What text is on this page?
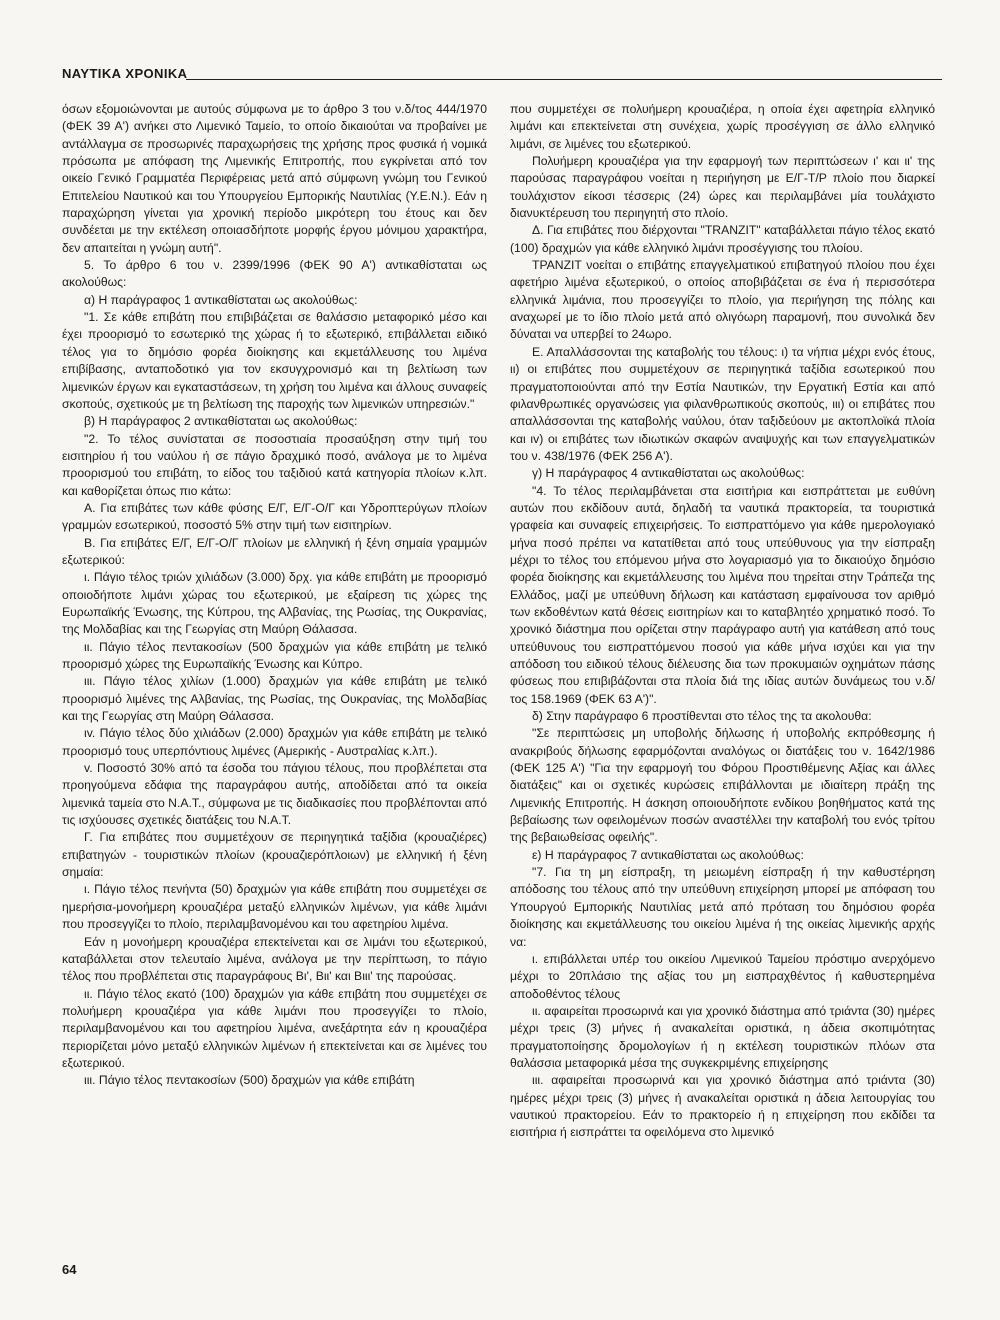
ΝΑΥΤΙΚΑ ΧΡΟΝΙΚΑ

όσων εξομοιώνονται με αυτούς σύμφωνα με το άρθρο 3 του ν.δ/τος 444/1970 (ΦΕΚ 39 Α') ανήκει στο Λιμενικό Ταμείο, το οποίο δικαιούται να προβαίνει με αντάλλαγμα σε προσωρινές παραχωρήσεις της χρήσης προς φυσικά ή νομικά πρόσωπα με απόφαση της Λιμενικής Επιτροπής, που εγκρίνεται από τον οικείο Γενικό Γραμματέα Περιφέρειας μετά από σύμφωνη γνώμη του Γενικού Επιτελείου Ναυτικού και του Υπουργείου Εμπορικής Ναυτιλίας (Υ.Ε.Ν.). Εάν η παραχώρηση γίνεται για χρονική περίοδο μικρότερη του έτους και δεν συνδέεται με την εκτέλεση οποιασδήποτε μορφής έργου μόνιμου χαρακτήρα, δεν απαιτείται η γνώμη αυτή".

5. Το άρθρο 6 του ν. 2399/1996 (ΦΕΚ 90 Α') αντικαθίσταται ως ακολούθως:

α) Η παράγραφος 1 αντικαθίσταται ως ακολούθως:

"1. Σε κάθε επιβάτη που επιβιβάζεται σε θαλάσσιο μεταφορικό μέσο και έχει προορισμό το εσωτερικό της χώρας ή το εξωτερικό, επιβάλλεται ειδικό τέλος για το δημόσιο φορέα διοίκησης και εκμετάλλευσης του λιμένα επιβίβασης, ανταποδοτικό για τον εκσυγχρονισμό και τη βελτίωση των λιμενικών έργων και εγκαταστάσεων, τη χρήση του λιμένα και άλλους συναφείς σκοπούς, σχετικούς με τη βελτίωση της παροχής των λιμενικών υπηρεσιών."

β) Η παράγραφος 2 αντικαθίσταται ως ακολούθως:

"2. Το τέλος συνίσταται σε ποσοστιαία προσαύξηση στην τιμή του εισιτηρίου ή του ναύλου ή σε πάγιο δραχμικό ποσό, ανάλογα με το λιμένα προορισμού του επιβάτη, το είδος του ταξιδιού κατά κατηγορία πλοίων κ.λπ. και καθορίζεται όπως πιο κάτω:

Α. Για επιβάτες των κάθε φύσης Ε/Γ, Ε/Γ-Ο/Γ και Υδροπτερύγων πλοίων γραμμών εσωτερικού, ποσοστό 5% στην τιμή των εισιτηρίων.

Β. Για επιβάτες Ε/Γ, Ε/Γ-Ο/Γ πλοίων με ελληνική ή ξένη σημαία γραμμών εξωτερικού:

ι. Πάγιο τέλος τριών χιλιάδων (3.000) δρχ. για κάθε επιβάτη με προορισμό οποιοδήποτε λιμάνι χώρας του εξωτερικού, με εξαίρεση τις χώρες της Ευρωπαϊκής Ένωσης, της Κύπρου, της Αλβανίας, της Ρωσίας, της Ουκρανίας, της Μολδαβίας και της Γεωργίας στη Μαύρη Θάλασσα.

ιι. Πάγιο τέλος πεντακοσίων (500 δραχμών για κάθε επιβάτη με τελικό προορισμό χώρες της Ευρωπαϊκής Ένωσης και Κύπρο.

ιιι. Πάγιο τέλος χιλίων (1.000) δραχμών για κάθε επιβάτη με τελικό προορισμό λιμένες της Αλβανίας, της Ρωσίας, της Ουκρανίας, της Μολδαβίας και της Γεωργίας στη Μαύρη Θάλασσα.

ιv. Πάγιο τέλος δύο χιλιάδων (2.000) δραχμών για κάθε επιβάτη με τελικό προορισμό τους υπερπόντιους λιμένες (Αμερικής - Αυστραλίας κ.λπ.).

v. Ποσοστό 30% από τα έσοδα του πάγιου τέλους, που προβλέπεται στα προηγούμενα εδάφια της παραγράφου αυτής, αποδίδεται από τα οικεία λιμενικά ταμεία στο Ν.Α.Τ., σύμφωνα με τις διαδικασίες που προβλέπονται από τις ισχύουσες σχετικές διατάξεις του Ν.Α.Τ.

Γ. Για επιβάτες που συμμετέχουν σε περιηγητικά ταξίδια (κρουαζιέρες) επιβατηγών - τουριστικών πλοίων (κρουαζιερόπλοιων) με ελληνική ή ξένη σημαία:

ι. Πάγιο τέλος πενήντα (50) δραχμών για κάθε επιβάτη που συμμετέχει σε ημερήσια-μονοήμερη κρουαζιέρα μεταξύ ελληνικών λιμένων, για κάθε λιμάνι που προσεγγίζει το πλοίο, περιλαμβανομένου και του αφετηρίου λιμένα.

Εάν η μονοήμερη κρουαζιέρα επεκτείνεται και σε λιμάνι του εξωτερικού, καταβάλλεται στον τελευταίο λιμένα, ανάλογα με την περίπτωση, το πάγιο τέλος που προβλέπεται στις παραγράφους Βι', Βιι' και Βιιι' της παρούσας.

ιι. Πάγιο τέλος εκατό (100) δραχμών για κάθε επιβάτη που συμμετέχει σε πολυήμερη κρουαζιέρα για κάθε λιμάνι που προσεγγίζει το πλοίο, περιλαμβανομένου και του αφετηρίου λιμένα, ανεξάρτητα εάν η κρουαζιέρα περιορίζεται μόνο μεταξύ ελληνικών λιμένων ή επεκτείνεται και σε λιμένες του εξωτερικού.

ιιι. Πάγιο τέλος πεντακοσίων (500) δραχμών για κάθε επιβάτη

που συμμετέχει σε πολυήμερη κρουαζιέρα, η οποία έχει αφετηρία ελληνικό λιμάνι και επεκτείνεται στη συνέχεια, χωρίς προσέγγιση σε άλλο ελληνικό λιμάνι, σε λιμένες του εξωτερικού.

Πολυήμερη κρουαζιέρα για την εφαρμογή των περιπτώσεων ι' και ιι' της παρούσας παραγράφου νοείται η περιήγηση με Ε/Γ-Τ/Ρ πλοίο που διαρκεί τουλάχιστον είκοσι τέσσερις (24) ώρες και περιλαμβάνει μία τουλάχιστο διανυκτέρευση του περιηγητή στο πλοίο.

Δ. Για επιβάτες που διέρχονται "ΤRANZIT" καταβάλλεται πάγιο τέλος εκατό (100) δραχμών για κάθε ελληνικό λιμάνι προσέγγισης του πλοίου.

ΤΡΑΝΖΙΤ νοείται ο επιβάτης επαγγελματικού επιβατηγού πλοίου που έχει αφετήριο λιμένα εξωτερικού, ο οποίος αποβιβάζεται σε ένα ή περισσότερα ελληνικά λιμάνια, που προσεγγίζει το πλοίο, για περιήγηση της πόλης και αναχωρεί με το ίδιο πλοίο μετά από ολιγόωρη παραμονή, που συνολικά δεν δύναται να υπερβεί το 24ωρο.

Ε. Απαλλάσσονται της καταβολής του τέλους: ι) τα νήπια μέχρι ενός έτους, ιι) οι επιβάτες που συμμετέχουν σε περιηγητικά ταξίδια εσωτερικού που πραγματοποιούνται από την Εστία Ναυτικών, την Εργατική Εστία και από φιλανθρωπικές οργανώσεις για φιλανθρωπικούς σκοπούς, ιιι) οι επιβάτες που απαλλάσσονται της καταβολής ναύλου, όταν ταξιδεύουν με ακτοπλοϊκά πλοία και ιv) οι επιβάτες των ιδιωτικών σκαφών αναψυχής και των επαγγελματικών του ν. 438/1976 (ΦΕΚ 256 Α').

γ) Η παράγραφος 4 αντικαθίσταται ως ακολούθως:

"4. Το τέλος περιλαμβάνεται στα εισιτήρια και εισπράττεται με ευθύνη αυτών που εκδίδουν αυτά, δηλαδή τα ναυτικά πρακτορεία, τα τουριστικά γραφεία και συναφείς επιχειρήσεις. Το εισπραττόμενο για κάθε ημερολογιακό μήνα ποσό πρέπει να κατατίθεται από τους υπεύθυνους για την είσπραξη μέχρι το τέλος του επόμενου μήνα στο λογαριασμό για το δικαιούχο δημόσιο φορέα διοίκησης και εκμετάλλευσης του λιμένα που τηρείται στην Τράπεζα της Ελλάδος, μαζί με υπεύθυνη δήλωση και κατάσταση εμφαίνουσα τον αριθμό των εκδοθέντων κατά θέσεις εισιτηρίων και το καταβλητέο χρηματικό ποσό. Το χρονικό διάστημα που ορίζεται στην παράγραφο αυτή για κατάθεση από τους υπεύθυνους του εισπραττόμενου ποσού για κάθε μήνα ισχύει και για την απόδοση του ειδικού τέλους διέλευσης δια των προκυμαιών οχημάτων πάσης φύσεως που επιβιβάζονται στα πλοία διά της ιδίας αυτών δυνάμεως του ν.δ/τος 158.1969 (ΦΕΚ 63 Α')".

δ) Στην παράγραφο 6 προστίθενται στο τέλος της τα ακολουθα:

"Σε περιπτώσεις μη υποβολής δήλωσης ή υποβολής εκπρόθεσμης ή ανακριβούς δήλωσης εφαρμόζονται αναλόγως οι διατάξεις του ν. 1642/1986 (ΦΕΚ 125 Α') "Για την εφαρμογή του Φόρου Προστιθέμενης Αξίας και άλλες διατάξεις" και οι σχετικές κυρώσεις επιβάλλονται με ιδιαίτερη πράξη της Λιμενικής Επιτροπής. Η άσκηση οποιουδήποτε ενδίκου βοηθήματος κατά της βεβαίωσης των οφειλομένων ποσών αναστέλλει την καταβολή του ενός τρίτου της βεβαιωθείσας οφειλής".

ε) Η παράγραφος 7 αντικαθίσταται ως ακολούθως:

"7. Για τη μη είσπραξη, τη μειωμένη είσπραξη ή την καθυστέρηση απόδοσης του τέλους από την υπεύθυνη επιχείρηση μπορεί με απόφαση του Υπουργού Εμπορικής Ναυτιλίας μετά από πρόταση του δημόσιου φορέα διοίκησης και εκμετάλλευσης του οικείου λιμένα ή της οικείας λιμενικής αρχής να:

ι. επιβάλλεται υπέρ του οικείου Λιμενικού Ταμείου πρόστιμο ανερχόμενο μέχρι το 20πλάσιο της αξίας του μη εισπραχθέντος ή καθυστερημένα αποδοθέντος τέλους

ιι. αφαιρείται προσωρινά και για χρονικό διάστημα από τριάντα (30) ημέρες μέχρι τρεις (3) μήνες ή ανακαλείται οριστικά, η άδεια σκοπιμότητας πραγματοποίησης δρομολογίων ή η εκτέλεση τουριστικών πλόων στα θαλάσσια μεταφορικά μέσα της συγκεκριμένης επιχείρησης

ιιι. αφαιρείται προσωρινά και για χρονικό διάστημα από τριάντα (30) ημέρες μέχρι τρεις (3) μήνες ή ανακαλείται οριστικά η άδεια λειτουργίας του ναυτικού πρακτορείου. Εάν το πρακτορείο ή η επιχείρηση που εκδίδει τα εισιτήρια ή εισπράττει τα οφειλόμενα στο λιμενικό

64
